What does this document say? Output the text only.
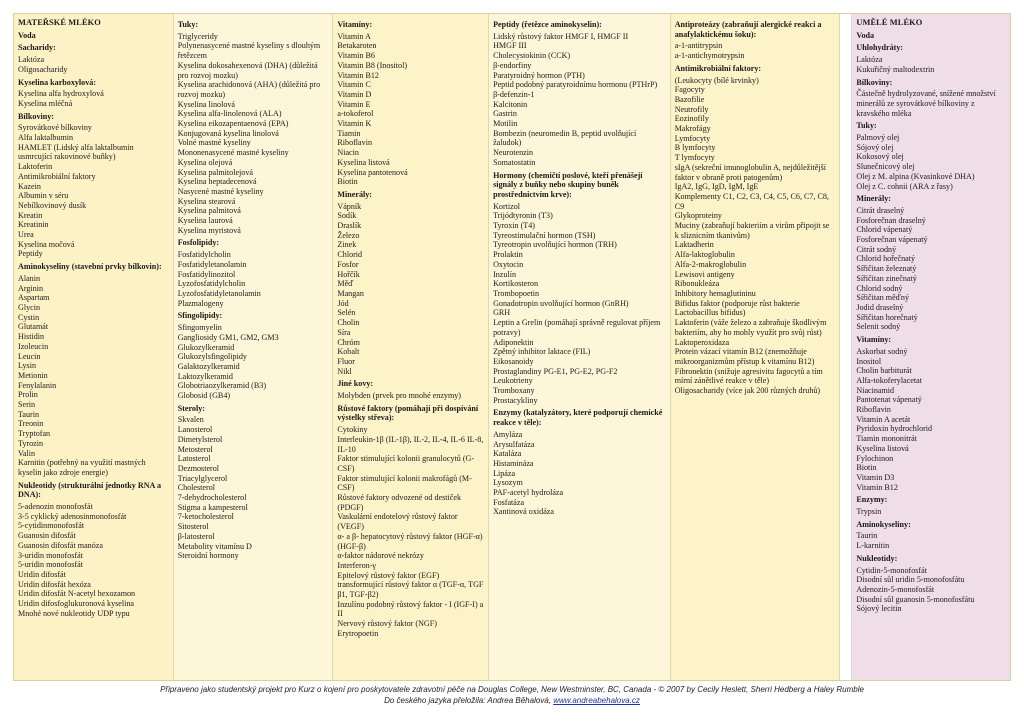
MATEŘSKÉ MLÉKO
Voda
Sacharidy:
Laktóza
Oligosacharidy
Kyselina karboxylová:
Kyselina alfa hydroxylová
Kyselina mléčná
Bílkoviny:
Syrovátkové bílkoviny
Alfa laktalbumin
HAMLET (Lidský alfa laktalbumin usmrcující rakovinové buňky)
Laktoferin
Antimikrobiální faktory
Kazein
Albumin v séru
Nebílkovinový dusík
Kreatin
Kreatinin
Urea
Kyselina močová
Peptidy
Aminokyseliny (stavební prvky bílkovin):
Alanin
Arginin
Aspartam
Glycin
Cystin
Glutamát
Histidin
Izoleucin
Leucin
Lysin
Metionin
Fenylalanin
Prolin
Serin
Taurin
Treonin
Tryptofan
Tyrozin
Valin
Karnitin (potřebný na využití mastných kyselin jako zdroje energie)
Nukleotidy (strukturální jednotky RNA a DNA):
5-adenozin monofosfát
3-5 cyklický adenosinmonofosfát
5-cytidinmonofosfát
Guanosin difosfát
Guanosin difosfát manóza
3-uridin monofosfát
5-uridin monofosfát
Uridin difosfát
Uridin difosfát hexóza
Uridin difosfát N-acetyl hexozamon
Uridin difosfoglukuronová kyselina
Mnohé nové nukleotidy UDP typu
Tuky:
Triglyceridy
Polynenasycené mastné kyseliny s dlouhým řetězcem
Kyselina dokosahexenová (DHA) (důležitá pro rozvoj mozku)
Kyselina arachidonová (AHA) (důležitá pro rozvoj mozku)
Kyselina linolová
Kyselina alfa-linolenová (ALA)
Kyselina eikozapentaenová (EPA)
Konjugovaná kyselina linolová
Volné mastné kyseliny
Mononenasycené mastné kyseliny
Kyselina olejová
Kyselina palmitolejová
Kyselina heptadecenová
Nasycené mastné kyseliny
Kyselina stearová
Kyselina palmitová
Kyselina laurová
Kyselina myristová
Fosfolipidy:
Fosfatidylcholin
Fosfatidyletanolamin
Fosfatidylinozitol
Lyzofosfatidylcholin
Lyzofosfatidyletanolamin
Plazmalogeny
Sfingolipidy:
Sfingomyelin
Gangliosidy GM1, GM2, GM3
Glukozylkeramid
Glukozylsfingolipidy
Galaktozylkeramid
Laktozylkeramid
Globotriaozylkeramid (B3)
Globosid (GB4)
Steroly:
Skvalen
Lanosterol
Dimetylsterol
Metosterol
Latosterol
Dezmosterol
Triacylglycerol
Cholesterol
7-dehydrocholesterol
Stigma a kampesterol
7-ketocholesterol
Sitosterol
β-latosterol
Metabolity vitamínu D
Steroidní hormony
Vitamíny:
Vitamin A
Betakaroten
Vitamin B6
Vitamin B8 (Inositol)
Vitamin B12
Vitamin C
Vitamin D
Vitamin E
a-tokoferol
Vitamin K
Tiamin
Riboflavin
Niacin
Kyselina listová
Kyselina pantotenová
Biotin
Minerály:
Vápník
Sodík
Draslík
Železo
Zinek
Chlorid
Fosfor
Hořčík
Měď
Mangan
Jód
Selén
Cholin
Síra
Chróm
Kobalt
Fluor
Nikl
Jiné kovy:
Molybden (prvek pro mnohé enzymy)
Růstové faktory (pomáhají při dospívání výstelky střeva):
Cytokiny
Interleukin-1β (IL-1β), IL-2, IL-4, IL-6 IL-8, IL-10
Faktor stimulující kolonii granulocytů (G-CSF)
Faktor stimulující kolonii makrofágů (M-CSF)
Růstové faktory odvozené od destiček (PDGF)
Vaskulární endotelový růstový faktor (VEGF)
α- a β- hepatocytový růstový faktor (HGF-α) (HGF-β)
α-faktor nádorové nekrózy
Interferon-γ
Epitelový růstový faktor (EGF)
transformující růstový faktor α (TGF-α, TGF β1, TGF-β2)
Inzulínu podobný růstový faktor - I (IGF-I) a II
Nervový růstový faktor (NGF)
Erytropoetin
Peptidy (řetězce aminokyselin):
Lidský růstový faktor HMGF I, HMGF II
HMGF III
Cholecystokinin (CCK)
β-endorfiny
Paratyroidný hormon (PTH)
Peptid podobný paratyroidnímu hormonu (PTHrP)
β-defenzin-1
Kalcitonin
Gastrin
Motilin
Bombezin (neuromedin B, peptid uvolňující žaludok)
Neurotenzin
Somatostatin
Hormony (chemičtí poslové, kteří přenášejí signály z buňky nebo skupiny buněk prostřednictvím krve):
Kortizol
Trijódtyronin (T3)
Tyroxin (T4)
Tyreostimulační hormon (TSH)
Tyreotropin uvolňující hormon (TRH)
Prolaktin
Oxytocin
Inzulín
Kortikosteron
Trombopoetin
Gonadotropin uvolňující hormon (GnRH)
GRH
Leptin a Grelin (pomáhají správně regulovat příjem potravy)
Adiponektin
Zpětný inhibitor laktace (FIL)
Eikosanoidy
Prostaglandiny PG-E1, PG-E2, PG-F2
Leukotrieny
Tromboxany
Prostacykliny
Enzymy (katalyzátory, které podporují chemické reakce v těle):
Amyláza
Arysulfatáza
Kataláza
Histamináza
Lipáza
Lysozym
PAF-acetyl hydroláza
Fosfatáza
Xantinová oxidáza
Antiproteázy (zabraňují alergické reakci a anafylaktickému šoku):
a-1-antitrypsin
a-1-antichymotrypsin
Antimikrobiální faktory:
(Leukocyty (bílé krvinky)
Fagocyty
Bazofilie
Neutrofily
Eozinofily
Makrofágy
Lymfocyty
B lymfocyty
T lymfocyty
sIgA (sekreční imunoglobulin A, nejdůležitější faktor v obraně proti patogenům)
IgA2, IgG, IgD, IgM, IgE
Komplementy C1, C2, C3, C4, C5, C6, C7, C8, C9
Glykoproteiny
Muciny (zabraňují bakteriím a virům připojit se k sliznicním tkanivům)
Laktadherin
Alfa-laktoglobulin
Alfa-2-makroglobulin
Lewisovi antigeny
Ribonukleáza
Inhibitory hemaglutininu
Bifidus faktor (podporuje růst bakterie Lactobacillus bifidus)
Laktoferin (váže železo a zabraňuje škodlivým bakteriím, aby ho mohly využít pro svůj růst)
Laktoperoxidaza
Protein vázací vitamín B12 (znemožňuje mikroorganizmům přístup k vitamínu B12)
Fibronektin (snižuje agresivitu fagocytů a tím mírní zánětlivé reakce v těle)
Oligosacharidy (více jak 200 různých druhů)
UMĚLÉ MLÉKO
Voda
Uhlohydráty:
Laktóza
Kukuřičný maltodextrin
Bílkoviny:
Částečně hydrolyzované, snížené množství minerálů ze syrovátkové bílkoviny z kravského mléka
Tuky:
Palmový olej
Sójový olej
Kokosový olej
Slunečnicový olej
Olej z M. alpina (Kvasinkové DHA)
Olej z C. cohnii (ARA z řasy)
Minerály:
Citrát draselný
Fosforečnan draselný
Chlorid vápenatý
Fosforečnan vápenatý
Citrát sodný
Chlorid hořečnatý
Sířičitan železnatý
Sířičitan zinečnatý
Chlorid sodný
Sířičitan měďný
Jodid draselný
Sířičitan horečnatý
Selenit sodný
Vitamíny:
Askorbat sodný
Inositol
Cholin barbiturát
Alfa-tokoferylacetat
Niacinamid
Pantotenat vápenatý
Riboflavin
Vitamin A acetát
Pyridoxin hydrochlorid
Tiamin mononitrát
Kyselina listová
Fylochinon
Biotin
Vitamin D3
Vitamin B12
Enzymy:
Trypsin
Aminokyseliny:
Taurin
L-karnitin
Nukleotidy:
Cytidin-5-monofosfát
Disodní sůl uridin 5-monofosfátu
Adenozin-5-monofosfát
Disodní sůl guanosin 5-monofosfátu
Sójový lecitin
Připraveno jako studentský projekt pro Kurz o kojení pro poskytovatele zdravotní péče na Douglas College, New Westminster, BC, Canada - © 2007 by Cecily Heslett, Sherri Hedberg a Haley Rumble
Do českého jazyka přeložila: Andrea Běhalová, www.andreabehalova.cz
